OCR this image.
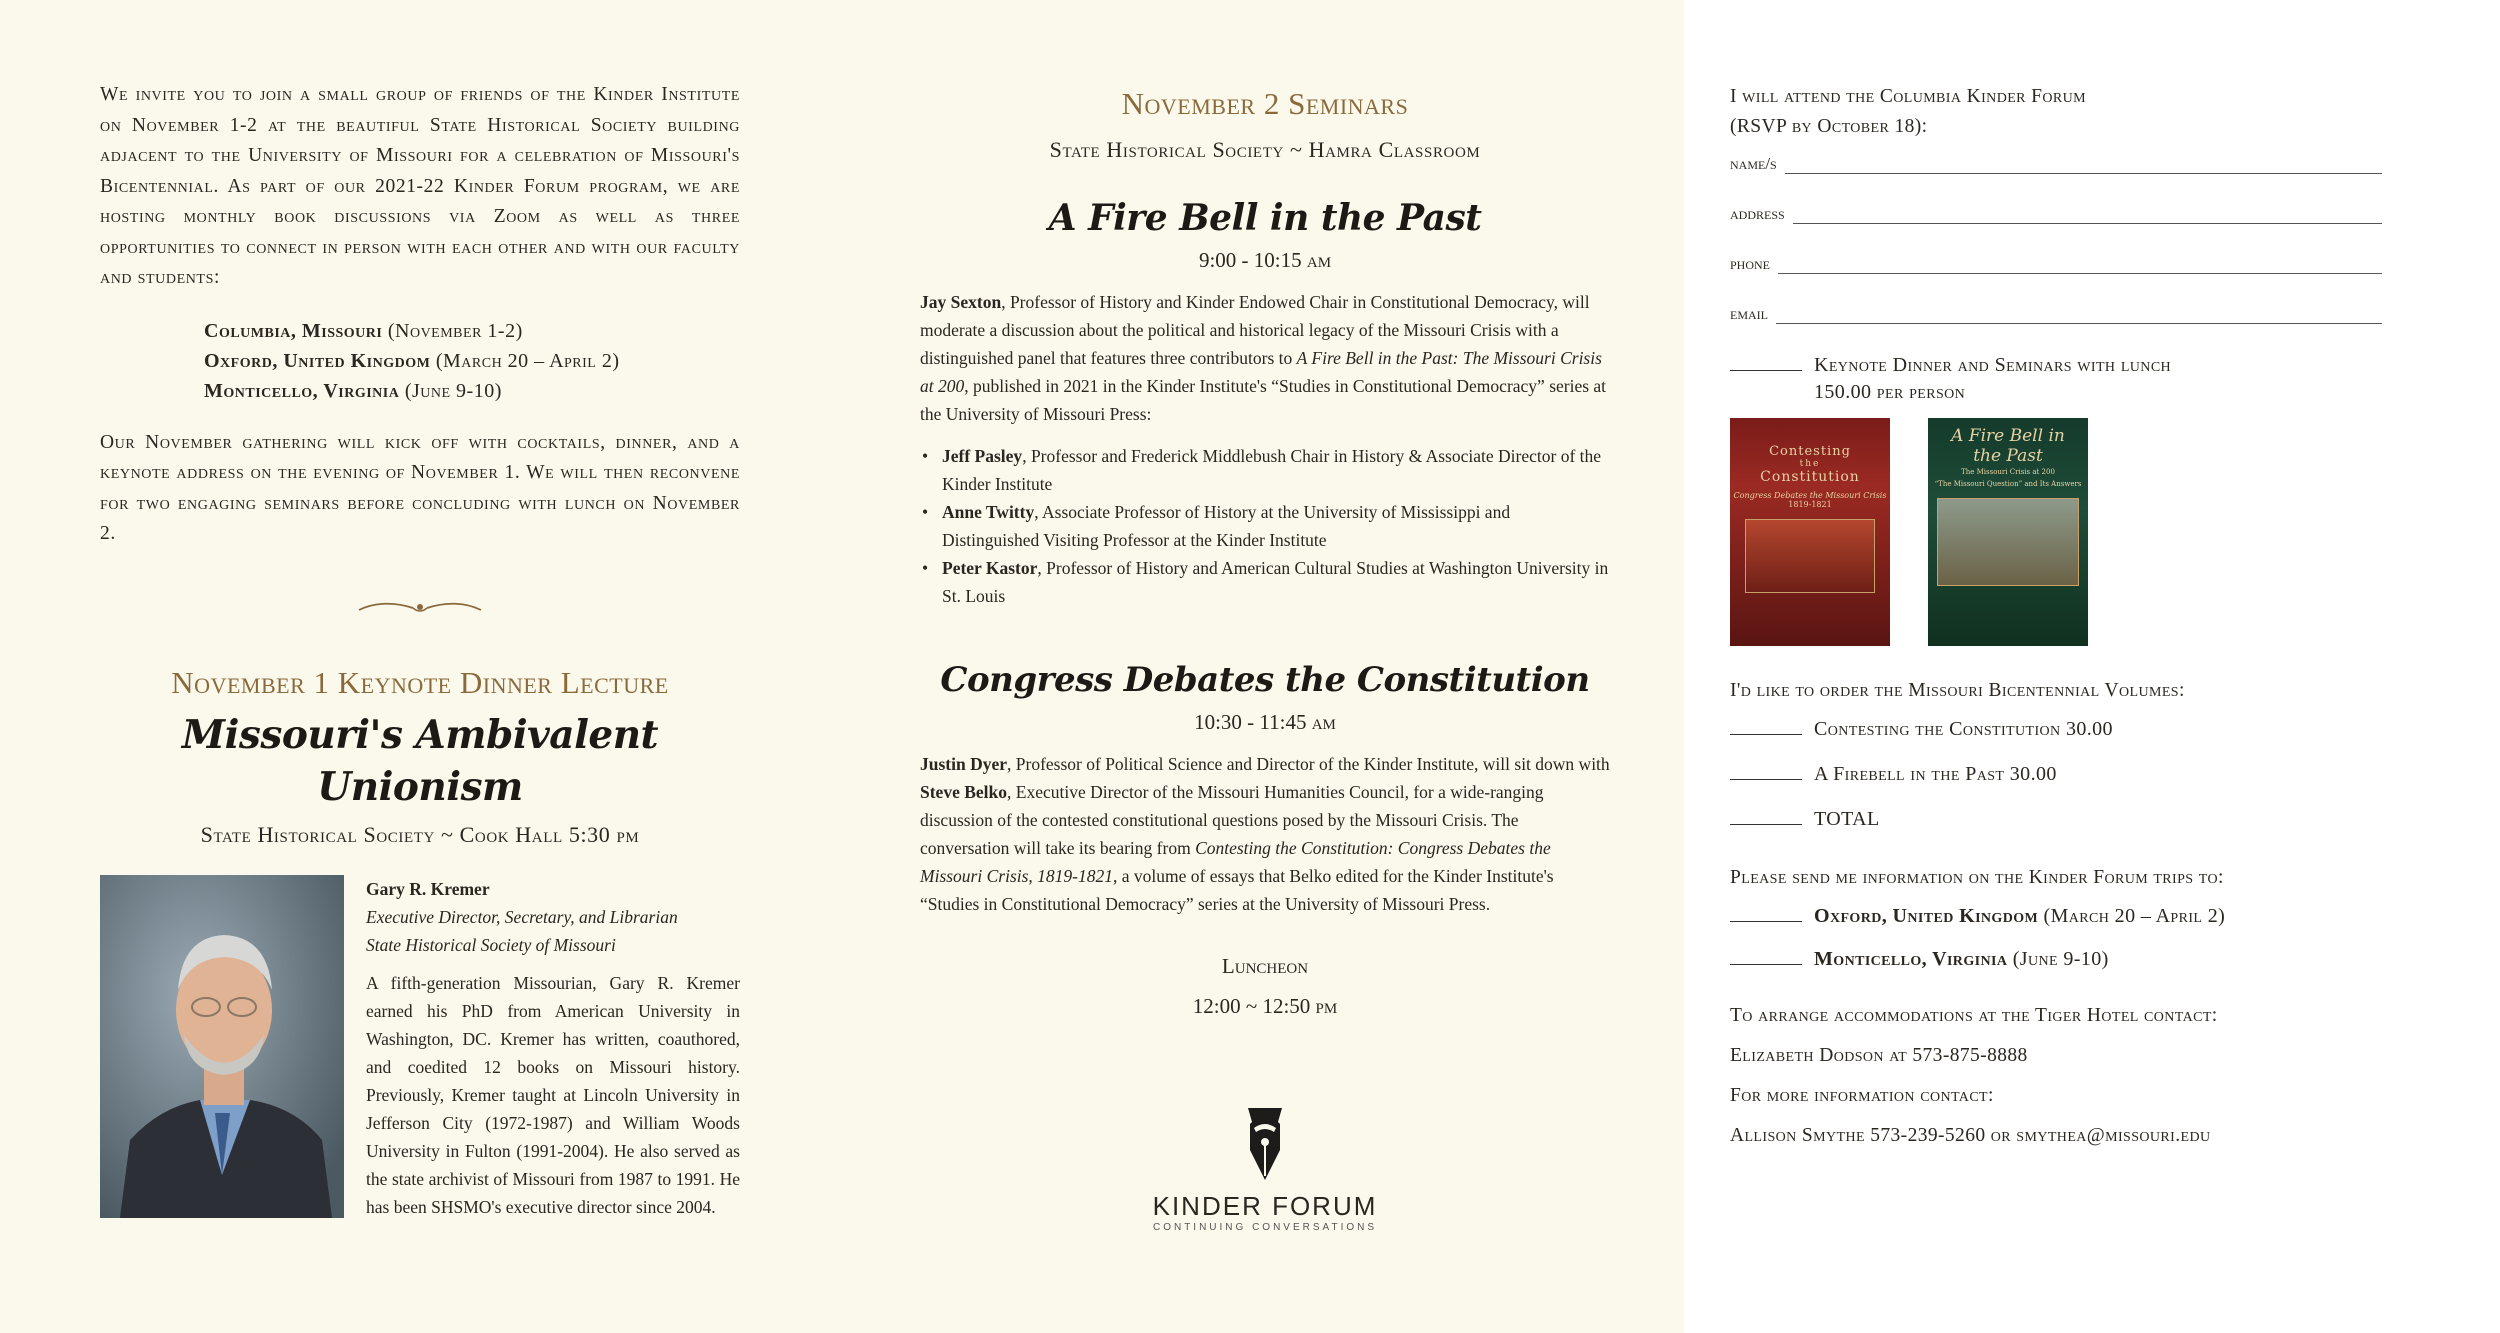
We invite you to join a small group of friends of the Kinder Institute on November 1-2 at the beautiful State Historical Society building adjacent to the University of Missouri for a celebration of Missouri's Bicentennial. As part of our 2021-22 Kinder Forum program, we are hosting monthly book discussions via Zoom as well as three opportunities to connect in person with each other and with our faculty and students:

Columbia, Missouri (November 1-2)
Oxford, United Kingdom (March 20 – April 2)
Monticello, Virginia (June 9-10)

Our November gathering will kick off with cocktails, dinner, and a keynote address on the evening of November 1. We will then reconvene for two engaging seminars before concluding with lunch on November 2.

November 1 Keynote Dinner Lecture
Missouri's Ambivalent Unionism
State Historical Society ~ Cook Hall 5:30 pm

Gary R. Kremer

Executive Director, Secretary, and Librarian

State Historical Society of Missouri

A fifth-generation Missourian, Gary R. Kremer earned his PhD from American University in Washington, DC. Kremer has written, coauthored, and coedited 12 books on Missouri history. Previously, Kremer taught at Lincoln University in Jefferson City (1972-1987) and William Woods University in Fulton (1991-2004). He also served as the state archivist of Missouri from 1987 to 1991. He has been SHSMO's executive director since 2004.

November 2 Seminars
State Historical Society ~ Hamra Classroom
A Fire Bell in the Past
9:00 - 10:15 am

Jay Sexton, Professor of History and Kinder Endowed Chair in Constitutional Democracy, will moderate a discussion about the political and historical legacy of the Missouri Crisis with a distinguished panel that features three contributors to A Fire Bell in the Past: The Missouri Crisis at 200, published in 2021 in the Kinder Institute's “Studies in Constitutional Democracy” series at the University of Missouri Press:

• Jeff Pasley, Professor and Frederick Middlebush Chair in History & Associate Director of the Kinder Institute
• Anne Twitty, Associate Professor of History at the University of Mississippi and Distinguished Visiting Professor at the Kinder Institute
• Peter Kastor, Professor of History and American Cultural Studies at Washington University in St. Louis
Congress Debates the Constitution
10:30 - 11:45 am

Justin Dyer, Professor of Political Science and Director of the Kinder Institute, will sit down with Steve Belko, Executive Director of the Missouri Humanities Council, for a wide-ranging discussion of the contested constitutional questions posed by the Missouri Crisis. The conversation will take its bearing from Contesting the Constitution: Congress Debates the Missouri Crisis, 1819-1821, a volume of essays that Belko edited for the Kinder Institute's “Studies in Constitutional Democracy” series at the University of Missouri Press.

Luncheon
12:00 ~ 12:50 pm
KINDER FORUM
CONTINUING CONVERSATIONS

I will attend the Columbia Kinder Forum

(RSVP by October 18):

name/s
address
phone
email
Keynote Dinner and Seminars with lunch
150.00 per person
Contesting
the
Constitution
Congress Debates the Missouri Crisis
1819-1821
A Fire Bell in the Past
The Missouri Crisis at 200
“The Missouri Question” and Its Answers

I'd like to order the Missouri Bicentennial Volumes:

Contesting the Constitution 30.00
A Firebell in the Past 30.00
TOTAL

Please send me information on the Kinder Forum trips to:

Oxford, United Kingdom (March 20 – April 2)
Monticello, Virginia (June 9-10)

To arrange accommodations at the Tiger Hotel contact:

Elizabeth Dodson at 573-875-8888

For more information contact:

Allison Smythe 573-239-5260 or smythea@missouri.edu
